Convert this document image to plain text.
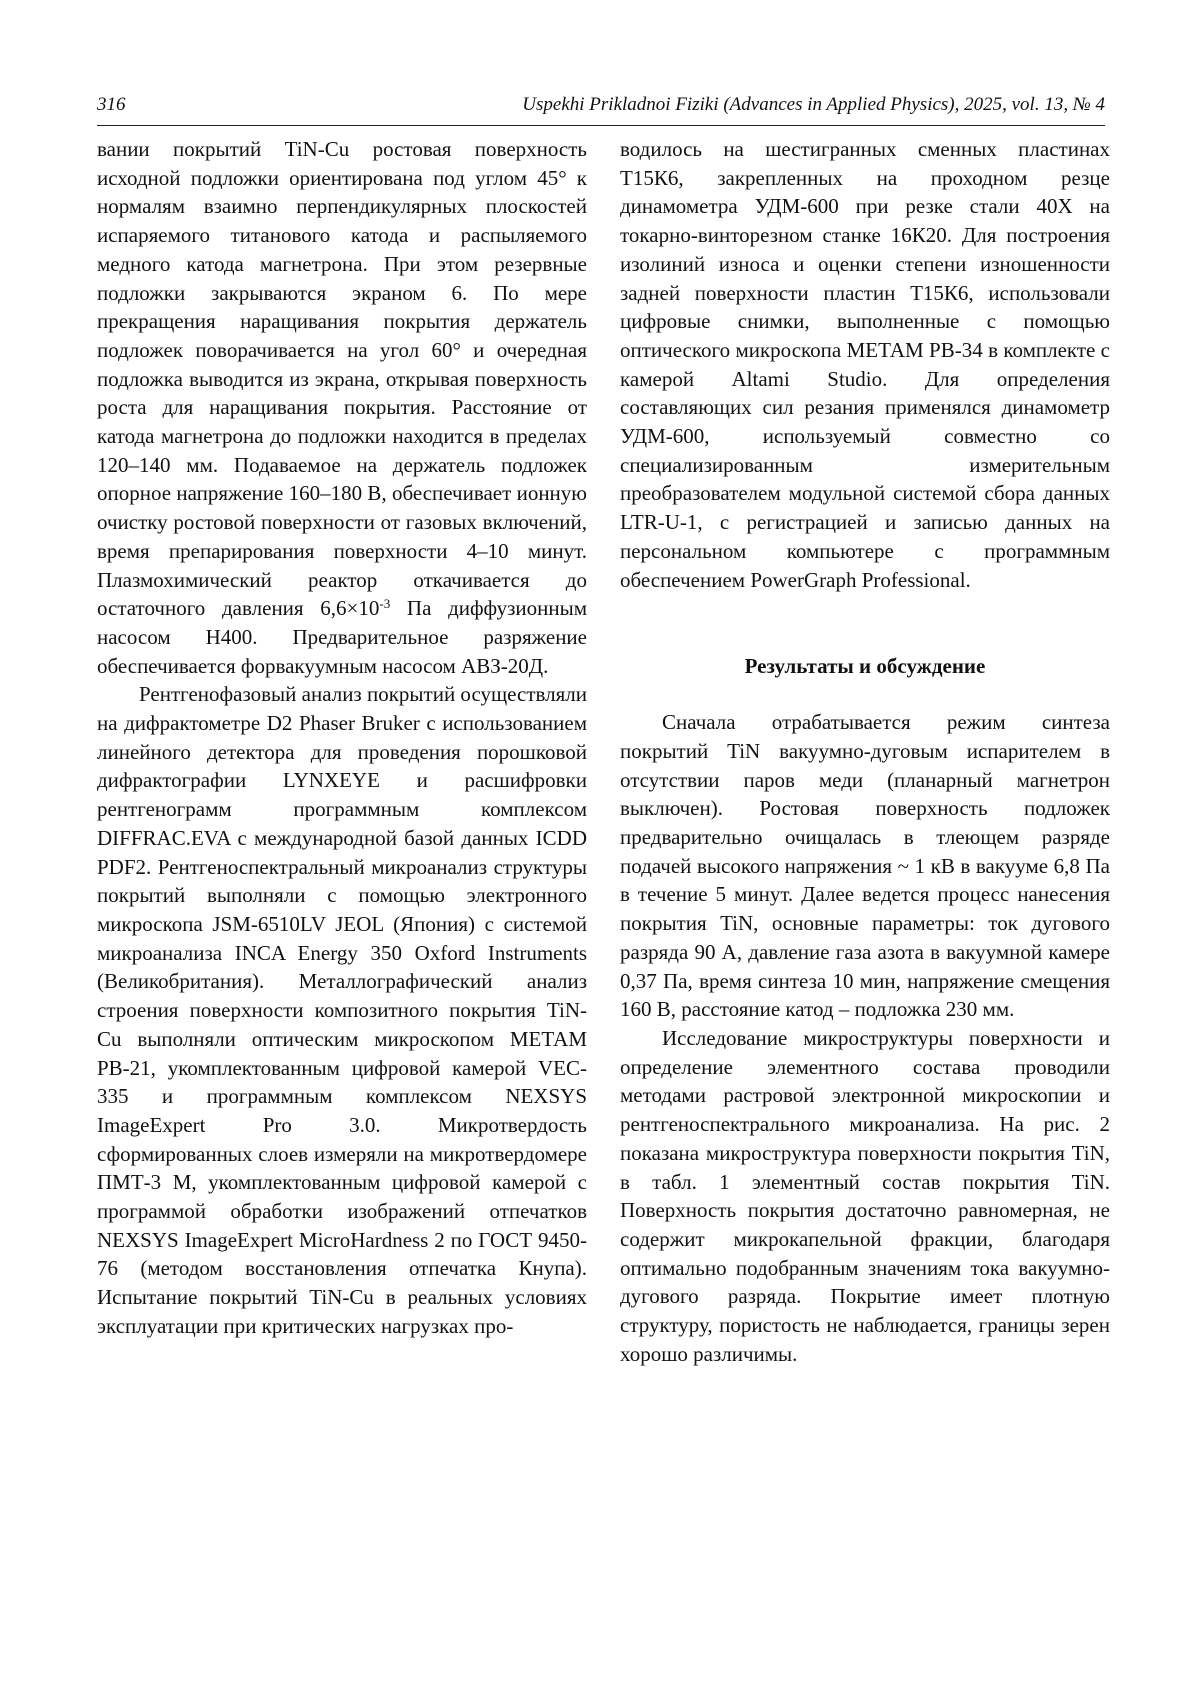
316	Uspekhi Prikladnoi Fiziki (Advances in Applied Physics), 2025, vol. 13, № 4

вании покрытий TiN-Cu ростовая поверхность исходной подложки ориентирована под углом 45° к нормалям взаимно перпендикулярных плоскостей испаряемого титанового катода и распыляемого медного катода магнетрона. При этом резервные подложки закрываются экраном 6. По мере прекращения наращивания покрытия держатель подложек поворачивается на угол 60° и очередная подложка выводится из экрана, открывая поверхность роста для наращивания покрытия. Расстояние от катода магнетрона до подложки находится в пределах 120–140 мм. Подаваемое на держатель подложек опорное напряжение 160–180 В, обеспечивает ионную очистку ростовой поверхности от газовых включений, время препарирования поверхности 4–10 минут. Плазмохимический реактор откачивается до остаточного давления $6,6\times 10^{-3}$ Па диффузионным насосом Н400. Предварительное разряжение обеспечивается форвакуумным насосом АВЗ-20Д.

Рентгенофазовый анализ покрытий осуществляли на дифрактометре D2 Phaser Bruker с использованием линейного детектора для проведения порошковой дифрактографии LYNXEYE и расшифровки рентгенограмм программным комплексом DIFFRAC.EVA с международной базой данных ICDD PDF2. Рентгеноспектральный микроанализ структуры покрытий выполняли с помощью электронного микроскопа JSM-6510LV JEOL (Япония) с системой микроанализа INCA Energy 350 Oxford Instruments (Великобритания). Металлографический анализ строения поверхности композитного покрытия TiN-Cu выполняли оптическим микроскопом МЕТАМ РВ-21, укомплектованным цифровой камерой VEC-335 и программным комплексом NEXSYS ImageExpert Pro 3.0. Микротвердость сформированных слоев измеряли на микротвердомере ПМТ-3 М, укомплектованным цифровой камерой с программой обработки изображений отпечатков NEXSYS ImageExpert MicroHardness 2 по ГОСТ 9450-76 (методом восстановления отпечатка Кнупа). Испытание покрытий TiN-Cu в реальных условиях эксплуатации при критических нагрузках про-

водилось на шестигранных сменных пластинах Т15К6, закрепленных на проходном резце динамометра УДМ-600 при резке стали 40Х на токарно-винторезном станке 16К20. Для построения изолиний износа и оценки степени изношенности задней поверхности пластин Т15К6, использовали цифровые снимки, выполненные с помощью оптического микроскопа МЕТАМ РВ-34 в комплекте с камерой Altami Studio. Для определения составляющих сил резания применялся динамометр УДМ-600, используемый совместно со специализированным измерительным преобразователем модульной системой сбора данных LTR-U-1, с регистрацией и записью данных на персональном компьютере с программным обеспечением PowerGraph Professional.

Результаты и обсуждение

Сначала отрабатывается режим синтеза покрытий TiN вакуумно-дуговым испарителем в отсутствии паров меди (планарный магнетрон выключен). Ростовая поверхность подложек предварительно очищалась в тлеющем разряде подачей высокого напряжения ~ 1 кВ в вакууме 6,8 Па в течение 5 минут. Далее ведется процесс нанесения покрытия TiN, основные параметры: ток дугового разряда 90 А, давление газа азота в вакуумной камере 0,37 Па, время синтеза 10 мин, напряжение смещения 160 В, расстояние катод – подложка 230 мм.

Исследование микроструктуры поверхности и определение элементного состава проводили методами растровой электронной микроскопии и рентгеноспектрального микроанализа. На рис. 2 показана микроструктура поверхности покрытия TiN, в табл. 1 элементный состав покрытия TiN. Поверхность покрытия достаточно равномерная, не содержит микрокапельной фракции, благодаря оптимально подобранным значениям тока вакуумно-дугового разряда. Покрытие имеет плотную структуру, пористость не наблюдается, границы зерен хорошо различимы.
